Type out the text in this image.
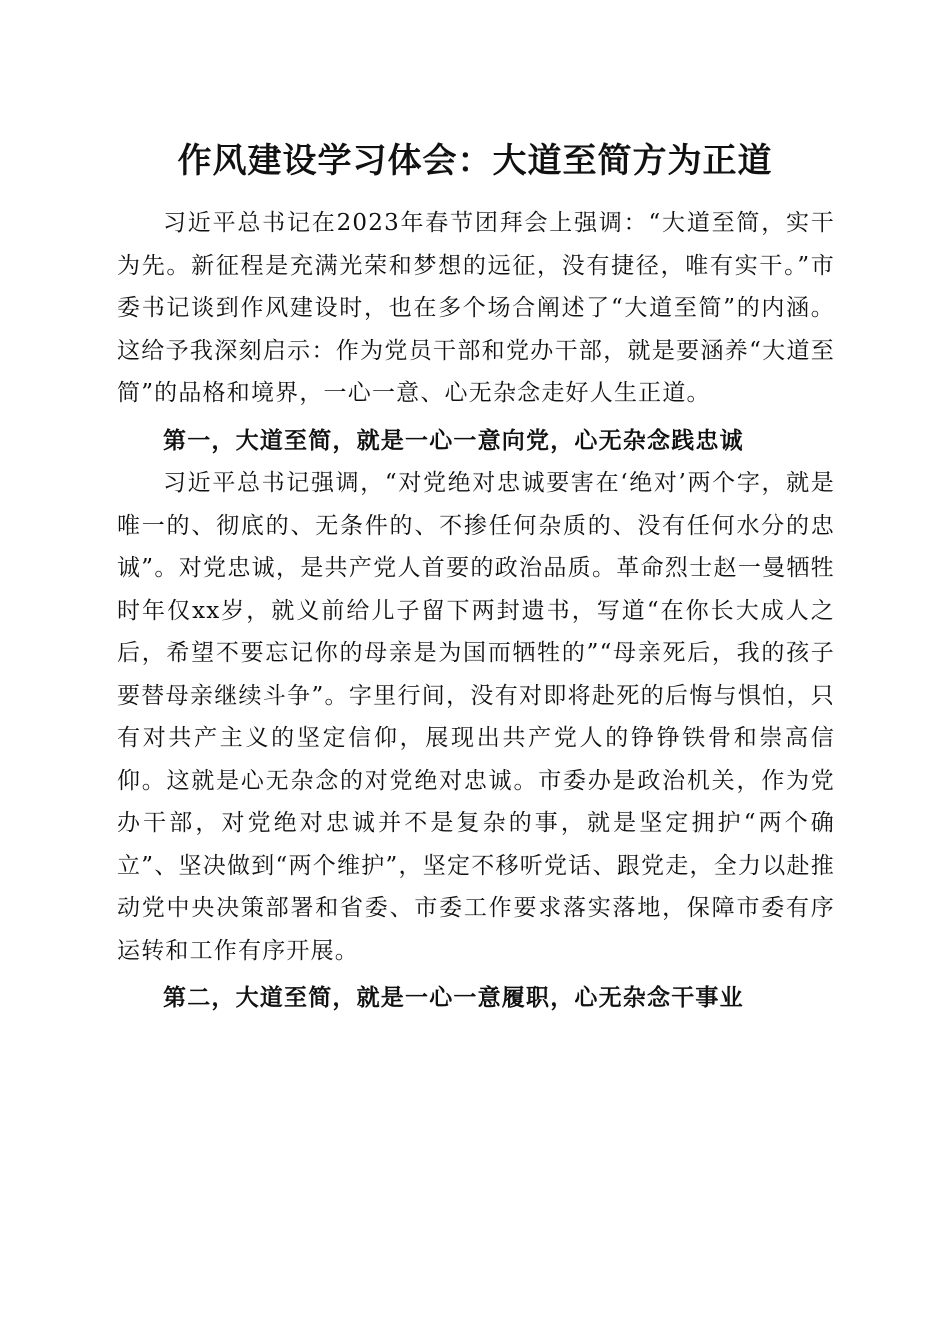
作风建设学习体会：大道至简方为正道

习近平总书记在2023年春节团拜会上强调：“大道至简，实干为先。新征程是充满光荣和梦想的远征，没有捷径，唯有实干。”市委书记谈到作风建设时，也在多个场合阐述了“大道至简”的内涵。这给予我深刻启示：作为党员干部和党办干部，就是要涵养“大道至简”的品格和境界，一心一意、心无杂念走好人生正道。

第一，大道至简，就是一心一意向党，心无杂念践忠诚

习近平总书记强调，“对党绝对忠诚要害在‘绝对’两个字，就是唯一的、彻底的、无条件的、不掺任何杂质的、没有任何水分的忠诚”。对党忠诚，是共产党人首要的政治品质。革命烈士赵一曼牺牲时年仅xx岁，就义前给儿子留下两封遗书，写道“在你长大成人之后，希望不要忘记你的母亲是为国而牺牲的”“母亲死后，我的孩子要替母亲继续斗争”。字里行间，没有对即将赴死的后悔与惧怕，只有对共产主义的坚定信仰，展现出共产党人的铮铮铁骨和崇高信仰。这就是心无杂念的对党绝对忠诚。市委办是政治机关，作为党办干部，对党绝对忠诚并不是复杂的事，就是坚定拥护“两个确立”、坚决做到“两个维护”，坚定不移听党话、跟党走，全力以赴推动党中央决策部署和省委、市委工作要求落实落地，保障市委有序运转和工作有序开展。

第二，大道至简，就是一心一意履职，心无杂念干事业
